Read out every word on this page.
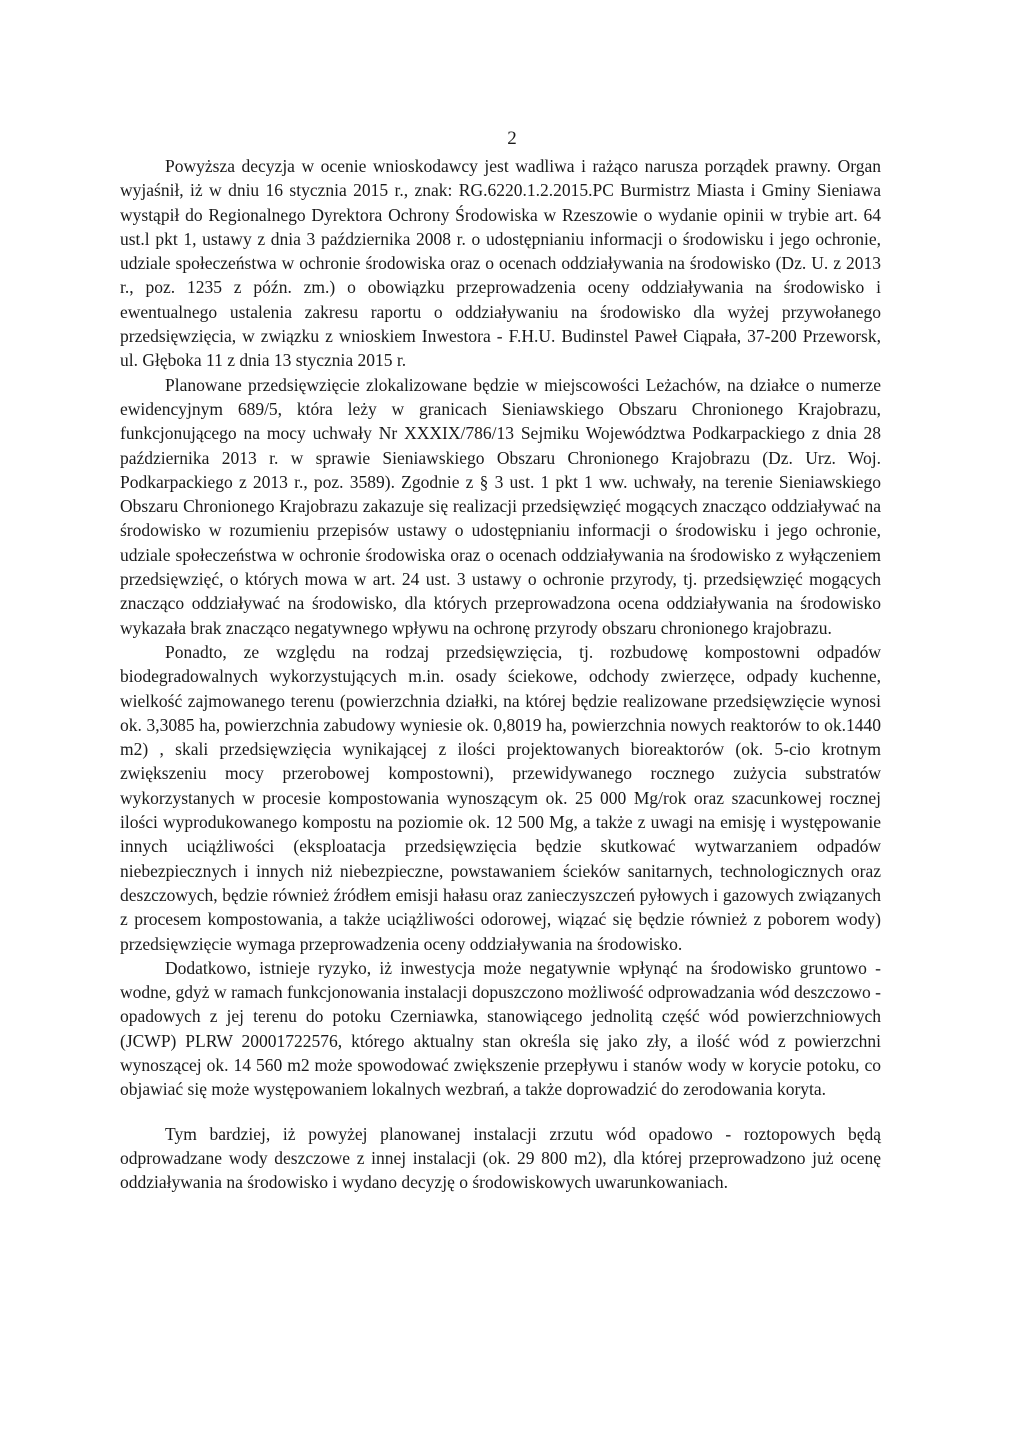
2

Powyższa decyzja w ocenie wnioskodawcy jest wadliwa i rażąco narusza porządek prawny. Organ wyjaśnił, iż w dniu 16 stycznia 2015 r., znak: RG.6220.1.2.2015.PC Burmistrz Miasta i Gminy Sieniawa wystąpił do Regionalnego Dyrektora Ochrony Środowiska w Rzeszowie o wydanie opinii w trybie art. 64 ust.l pkt 1, ustawy z dnia 3 października 2008 r. o udostępnianiu informacji o środowisku i jego ochronie, udziale społeczeństwa w ochronie środowiska oraz o ocenach oddziaływania na środowisko (Dz. U. z 2013 r., poz. 1235 z późn. zm.) o obowiązku przeprowadzenia oceny oddziaływania na środowisko i ewentualnego ustalenia zakresu raportu o oddziaływaniu na środowisko dla wyżej przywołanego przedsięwzięcia, w związku z wnioskiem Inwestora - F.H.U. Budinstel Paweł Ciąpała, 37-200 Przeworsk, ul. Głęboka 11 z dnia 13 stycznia 2015 r.

Planowane przedsięwzięcie zlokalizowane będzie w miejscowości Leżachów, na działce o numerze ewidencyjnym 689/5, która leży w granicach Sieniawskiego Obszaru Chronionego Krajobrazu, funkcjonującego na mocy uchwały Nr XXXIX/786/13 Sejmiku Województwa Podkarpackiego z dnia 28 października 2013 r. w sprawie Sieniawskiego Obszaru Chronionego Krajobrazu (Dz. Urz. Woj. Podkarpackiego z 2013 r., poz. 3589). Zgodnie z § 3 ust. 1 pkt 1 ww. uchwały, na terenie Sieniawskiego Obszaru Chronionego Krajobrazu zakazuje się realizacji przedsięwzięć mogących znacząco oddziaływać na środowisko w rozumieniu przepisów ustawy o udostępnianiu informacji o środowisku i jego ochronie, udziale społeczeństwa w ochronie środowiska oraz o ocenach oddziaływania na środowisko z wyłączeniem przedsięwzięć, o których mowa w art. 24 ust. 3 ustawy o ochronie przyrody, tj. przedsięwzięć mogących znacząco oddziaływać na środowisko, dla których przeprowadzona ocena oddziaływania na środowisko wykazała brak znacząco negatywnego wpływu na ochronę przyrody obszaru chronionego krajobrazu.

Ponadto, ze względu na rodzaj przedsięwzięcia, tj. rozbudowę kompostowni odpadów biodegradowalnych wykorzystujących m.in. osady ściekowe, odchody zwierzęce, odpady kuchenne, wielkość zajmowanego terenu (powierzchnia działki, na której będzie realizowane przedsięwzięcie wynosi ok. 3,3085 ha, powierzchnia zabudowy wyniesie ok. 0,8019 ha, powierzchnia nowych reaktorów to ok.1440 m2) , skali przedsięwzięcia wynikającej z ilości projektowanych bioreaktorów (ok. 5-cio krotnym zwiększeniu mocy przerobowej kompostowni), przewidywanego rocznego zużycia substratów wykorzystanych w procesie kompostowania wynoszącym ok. 25 000 Mg/rok oraz szacunkowej rocznej ilości wyprodukowanego kompostu na poziomie ok. 12 500 Mg, a także z uwagi na emisję i występowanie innych uciążliwości (eksploatacja przedsięwzięcia będzie skutkować wytwarzaniem odpadów niebezpiecznych i innych niż niebezpieczne, powstawaniem ścieków sanitarnych, technologicznych oraz deszczowych, będzie również źródłem emisji hałasu oraz zanieczyszczeń pyłowych i gazowych związanych z procesem kompostowania, a także uciążliwości odorowej, wiązać się będzie również z poborem wody) przedsięwzięcie wymaga przeprowadzenia oceny oddziaływania na środowisko.

Dodatkowo, istnieje ryzyko, iż inwestycja może negatywnie wpłynąć na środowisko gruntowo - wodne, gdyż w ramach funkcjonowania instalacji dopuszczono możliwość odprowadzania wód deszczowo - opadowych z jej terenu do potoku Czerniawka, stanowiącego jednolitą część wód powierzchniowych (JCWP) PLRW 20001722576, którego aktualny stan określa się jako zły, a ilość wód z powierzchni wynoszącej ok. 14 560 m2 może spowodować zwiększenie przepływu i stanów wody w korycie potoku, co objawiać się może występowaniem lokalnych wezbrań, a także doprowadzić do zerodowania koryta.

Tym bardziej, iż powyżej planowanej instalacji zrzutu wód opadowo - roztopowych będą odprowadzane wody deszczowe z innej instalacji (ok. 29 800 m2), dla której przeprowadzono już ocenę oddziaływania na środowisko i wydano decyzję o środowiskowych uwarunkowaniach.
